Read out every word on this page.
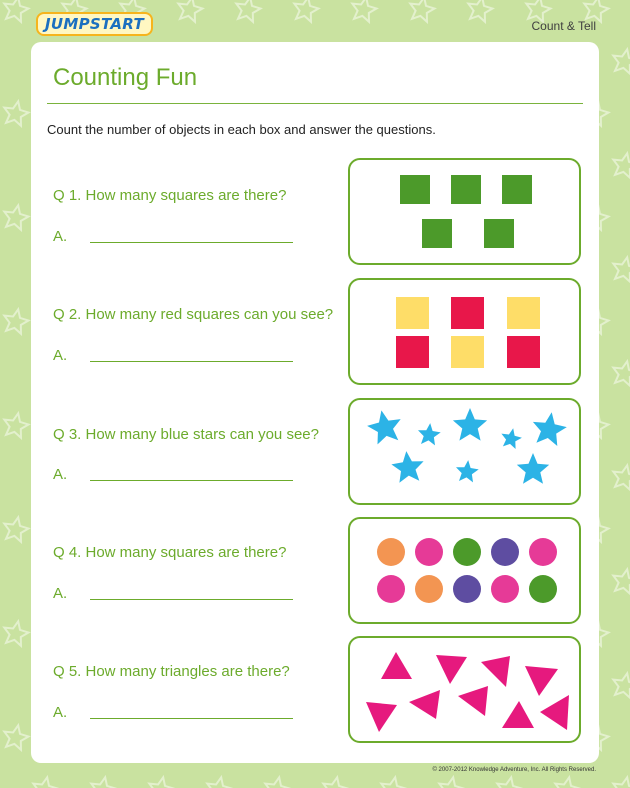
JUMPSTART	Count & Tell
Counting Fun
Count the number of objects in each box and answer the questions.
Q 1. How many squares are there?
A.
Q 2. How many red squares can you see?
A.
Q 3. How many blue stars can you see?
A.
Q 4. How many squares are there?
A.
Q 5. How many triangles are there?
A.
© 2007-2012 Knowledge Adventure, Inc. All Rights Reserved.
